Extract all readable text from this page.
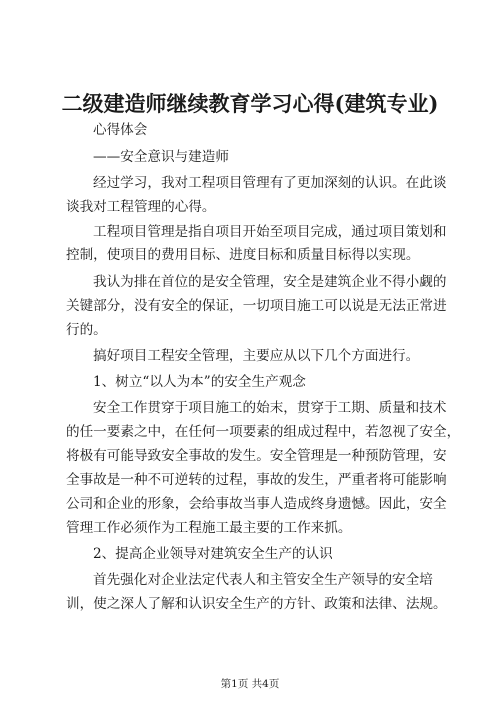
二级建造师继续教育学习心得(建筑专业)
心得体会
——安全意识与建造师
经过学习，我对工程项目管理有了更加深刻的认识。在此谈
谈我对工程管理的心得。
工程项目管理是指自项目开始至项目完成，通过项目策划和
控制，使项目的费用目标、进度目标和质量目标得以实现。
我认为排在首位的是安全管理，安全是建筑企业不得小觑的
关键部分，没有安全的保证，一切项目施工可以说是无法正常进
行的。
搞好项目工程安全管理，主要应从以下几个方面进行。
1、树立“以人为本”的安全生产观念
安全工作贯穿于项目施工的始末，贯穿于工期、质量和技术
的任一要素之中，在任何一项要素的组成过程中，若忽视了安全，
将极有可能导致安全事故的发生。安全管理是一种预防管理，安
全事故是一种不可逆转的过程，事故的发生，严重者将可能影响
公司和企业的形象，会给事故当事人造成终身遗憾。因此，安全
管理工作必须作为工程施工最主要的工作来抓。
2、提高企业领导对建筑安全生产的认识
首先强化对企业法定代表人和主管安全生产领导的安全培
训，使之深人了解和认识安全生产的方针、政策和法律、法规。
第1页 共4页
